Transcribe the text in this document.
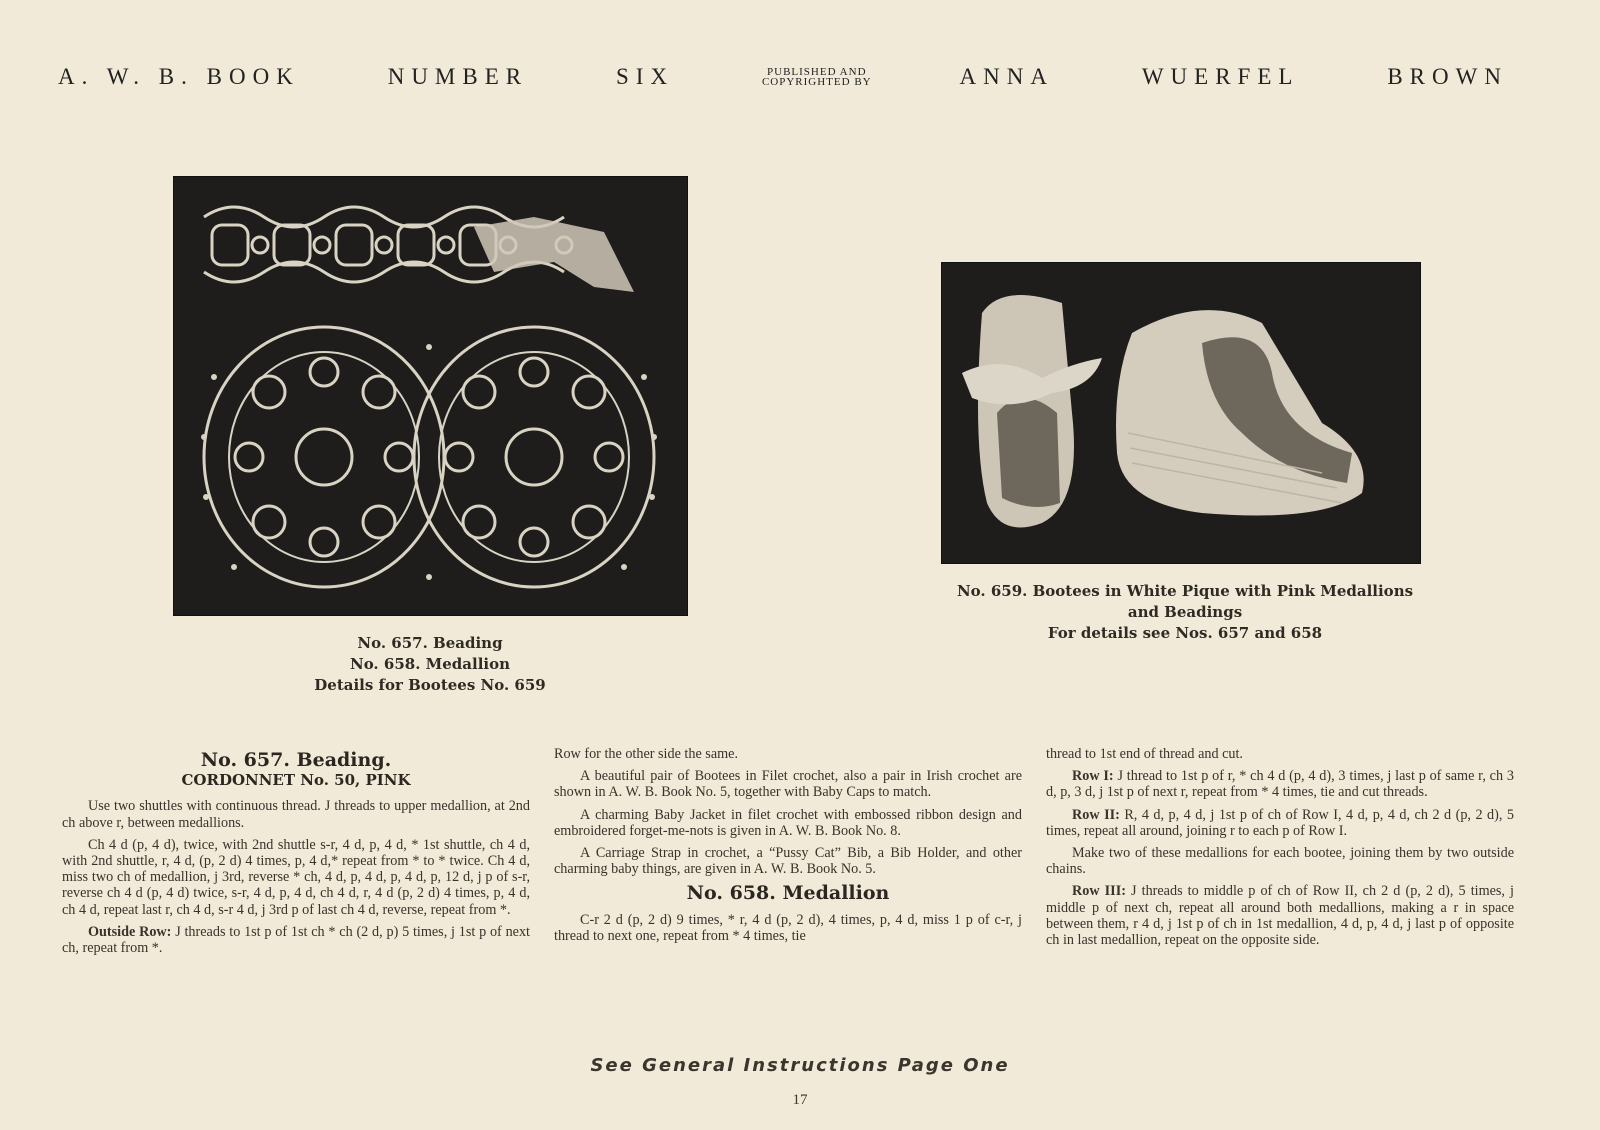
A. W. B. BOOK	NUMBER	SIX	PUBLISHED AND
COPYRIGHTED BY	ANNA	WUERFEL	BROWN
No. 657. Beading
No. 658. Medallion
Details for Bootees No. 659
No. 659. Bootees in White Pique with Pink Medallions
and Beadings
For details see Nos. 657 and 658
No. 657. Beading.
CORDONNET No. 50, PINK

Use two shuttles with continuous thread. J threads to upper medallion, at 2nd ch above r, between medallions.

Ch 4 d (p, 4 d), twice, with 2nd shuttle s-r, 4 d, p, 4 d, * 1st shuttle, ch 4 d, with 2nd shuttle, r, 4 d, (p, 2 d) 4 times, p, 4 d,* repeat from * to * twice. Ch 4 d, miss two ch of medallion, j 3rd, reverse * ch, 4 d, p, 4 d, p, 4 d, p, 12 d, j p of s-r, reverse ch 4 d (p, 4 d) twice, s-r, 4 d, p, 4 d, ch 4 d, r, 4 d (p, 2 d) 4 times, p, 4 d, ch 4 d, repeat last r, ch 4 d, s-r 4 d, j 3rd p of last ch 4 d, reverse, repeat from *.

Outside Row: J threads to 1st p of 1st ch * ch (2 d, p) 5 times, j 1st p of next ch, repeat from *.

Row for the other side the same.

A beautiful pair of Bootees in Filet crochet, also a pair in Irish crochet are shown in A. W. B. Book No. 5, together with Baby Caps to match.

A charming Baby Jacket in filet crochet with embossed ribbon design and embroidered forget-me-nots is given in A. W. B. Book No. 8.

A Carriage Strap in crochet, a “Pussy Cat” Bib, a Bib Holder, and other charming baby things, are given in A. W. B. Book No. 5.

No. 658. Medallion

C-r 2 d (p, 2 d) 9 times, * r, 4 d (p, 2 d), 4 times, p, 4 d, miss 1 p of c-r, j thread to next one, repeat from * 4 times, tie

thread to 1st end of thread and cut.

Row I: J thread to 1st p of r, * ch 4 d (p, 4 d), 3 times, j last p of same r, ch 3 d, p, 3 d, j 1st p of next r, repeat from * 4 times, tie and cut threads.

Row II: R, 4 d, p, 4 d, j 1st p of ch of Row I, 4 d, p, 4 d, ch 2 d (p, 2 d), 5 times, repeat all around, joining r to each p of Row I.

Make two of these medallions for each bootee, joining them by two outside chains.

Row III: J threads to middle p of ch of Row II, ch 2 d (p, 2 d), 5 times, j middle p of next ch, repeat all around both medallions, making a r in space between them, r 4 d, j 1st p of ch in 1st medallion, 4 d, p, 4 d, j last p of opposite ch in last medallion, repeat on the opposite side.

See General Instructions Page One
17
